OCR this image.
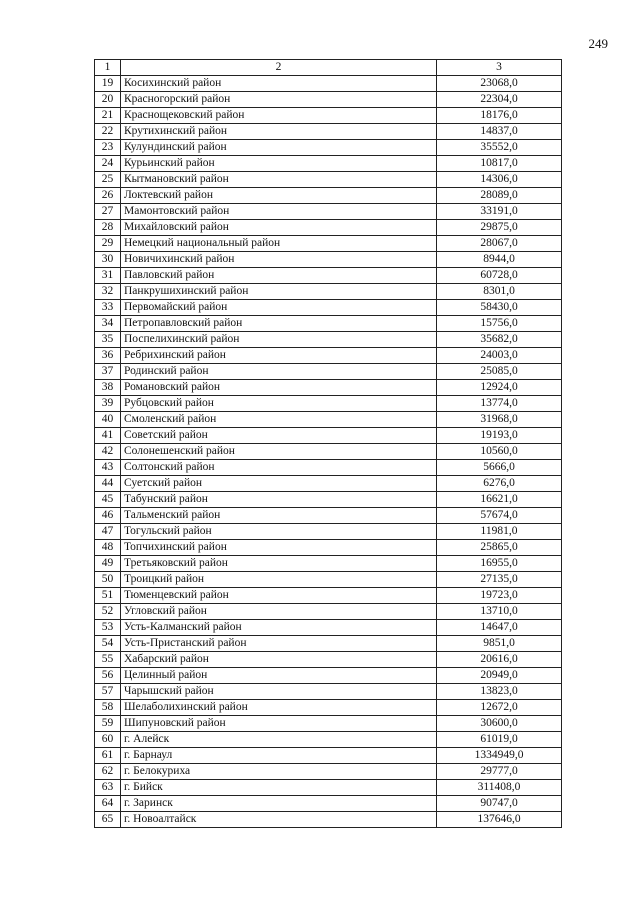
249
1	2	3
19	Косихинский район	23068,0
20	Красногорский район	22304,0
21	Краснощековский район	18176,0
22	Крутихинский район	14837,0
23	Кулундинский район	35552,0
24	Курьинский район	10817,0
25	Кытмановский район	14306,0
26	Локтевский район	28089,0
27	Мамонтовский район	33191,0
28	Михайловский район	29875,0
29	Немецкий национальный район	28067,0
30	Новичихинский район	8944,0
31	Павловский район	60728,0
32	Панкрушихинский район	8301,0
33	Первомайский район	58430,0
34	Петропавловский район	15756,0
35	Поспелихинский район	35682,0
36	Ребрихинский район	24003,0
37	Родинский район	25085,0
38	Романовский район	12924,0
39	Рубцовский район	13774,0
40	Смоленский район	31968,0
41	Советский район	19193,0
42	Солонешенский район	10560,0
43	Солтонский район	5666,0
44	Суетский район	6276,0
45	Табунский район	16621,0
46	Тальменский район	57674,0
47	Тогульский район	11981,0
48	Топчихинский район	25865,0
49	Третьяковский район	16955,0
50	Троицкий район	27135,0
51	Тюменцевский район	19723,0
52	Угловский район	13710,0
53	Усть-Калманский район	14647,0
54	Усть-Пристанский район	9851,0
55	Хабарский район	20616,0
56	Целинный район	20949,0
57	Чарышский район	13823,0
58	Шелаболихинский район	12672,0
59	Шипуновский район	30600,0
60	г. Алейск	61019,0
61	г. Барнаул	1334949,0
62	г. Белокуриха	29777,0
63	г. Бийск	311408,0
64	г. Заринск	90747,0
65	г. Новоалтайск	137646,0
